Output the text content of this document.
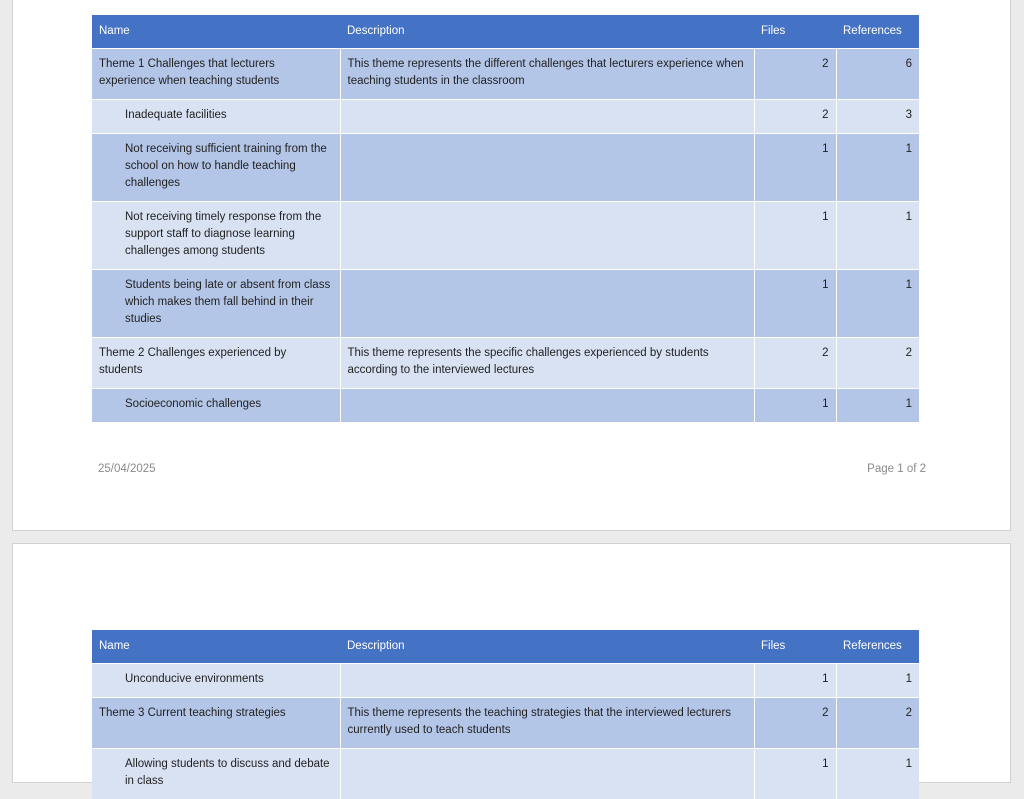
Name	Description	Files	References
Theme 1 Challenges that lecturers experience when teaching students	This theme represents the different challenges that lecturers experience when teaching students in the classroom	2	6
Inadequate facilities		2	3
Not receiving sufficient training from the school on how to handle teaching challenges		1	1
Not receiving timely response from the support staff to diagnose learning challenges among students		1	1
Students being late or absent from class which makes them fall behind in their studies		1	1
Theme 2 Challenges experienced by students	This theme represents the specific challenges experienced by students according to the interviewed lectures	2	2
Socioeconomic challenges		1	1
25/04/2025	Page 1 of 2
Name	Description	Files	References
Unconducive environments		1	1
Theme 3 Current teaching strategies	This theme represents the teaching strategies that the interviewed lecturers currently used to teach students	2	2
Allowing students to discuss and debate in class		1	1
